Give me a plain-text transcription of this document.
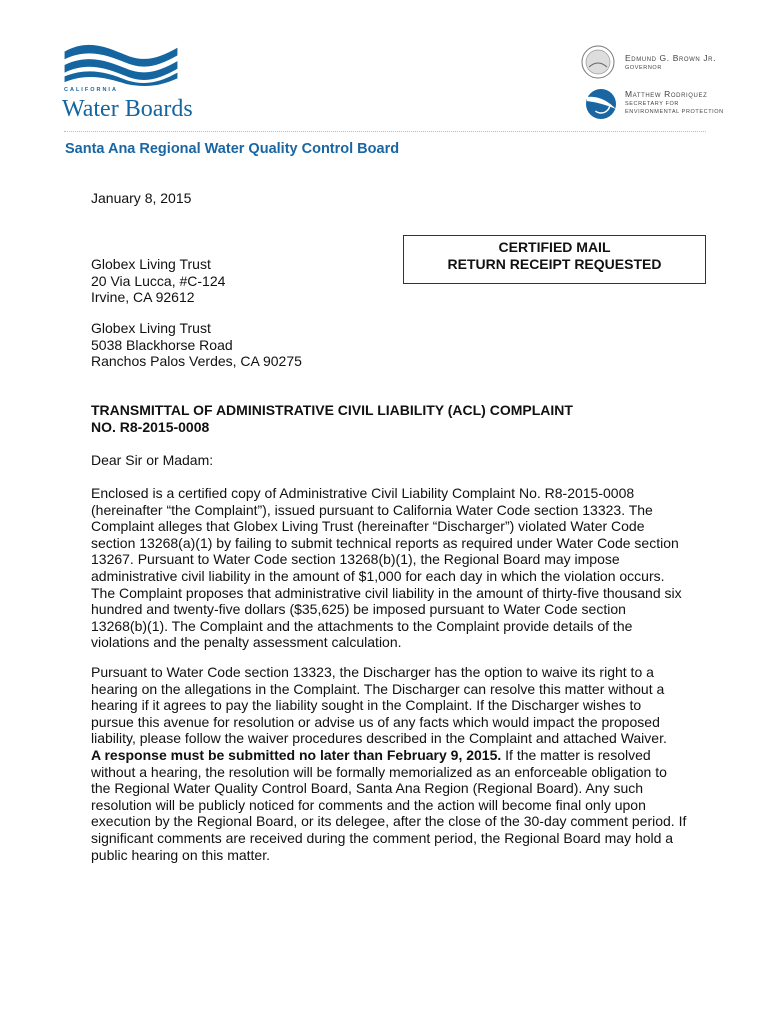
CALIFORNIA
Water Boards
Edmund G. Brown Jr.
GOVERNOR
Matthew Rodriquez
SECRETARY FOR
ENVIRONMENTAL PROTECTION
Santa Ana Regional Water Quality Control Board
January 8, 2015
CERTIFIED MAIL
RETURN RECEIPT REQUESTED
Globex Living Trust
20 Via Lucca, #C-124
Irvine, CA 92612
Globex Living Trust
5038 Blackhorse Road
Ranchos Palos Verdes, CA 90275
TRANSMITTAL OF ADMINISTRATIVE CIVIL LIABILITY (ACL) COMPLAINT
NO. R8-2015-0008
Dear Sir or Madam:
Enclosed is a certified copy of Administrative Civil Liability Complaint No. R8-2015-0008
(hereinafter “the Complaint”), issued pursuant to California Water Code section 13323. The
Complaint alleges that Globex Living Trust (hereinafter “Discharger”) violated Water Code
section 13268(a)(1) by failing to submit technical reports as required under Water Code section
13267. Pursuant to Water Code section 13268(b)(1), the Regional Board may impose
administrative civil liability in the amount of $1,000 for each day in which the violation occurs.
The Complaint proposes that administrative civil liability in the amount of thirty-five thousand six
hundred and twenty-five dollars ($35,625) be imposed pursuant to Water Code section
13268(b)(1). The Complaint and the attachments to the Complaint provide details of the
violations and the penalty assessment calculation.
Pursuant to Water Code section 13323, the Discharger has the option to waive its right to a
hearing on the allegations in the Complaint. The Discharger can resolve this matter without a
hearing if it agrees to pay the liability sought in the Complaint. If the Discharger wishes to
pursue this avenue for resolution or advise us of any facts which would impact the proposed
liability, please follow the waiver procedures described in the Complaint and attached Waiver.
A response must be submitted no later than February 9, 2015. If the matter is resolved
without a hearing, the resolution will be formally memorialized as an enforceable obligation to
the Regional Water Quality Control Board, Santa Ana Region (Regional Board). Any such
resolution will be publicly noticed for comments and the action will become final only upon
execution by the Regional Board, or its delegee, after the close of the 30-day comment period. If
significant comments are received during the comment period, the Regional Board may hold a
public hearing on this matter.
